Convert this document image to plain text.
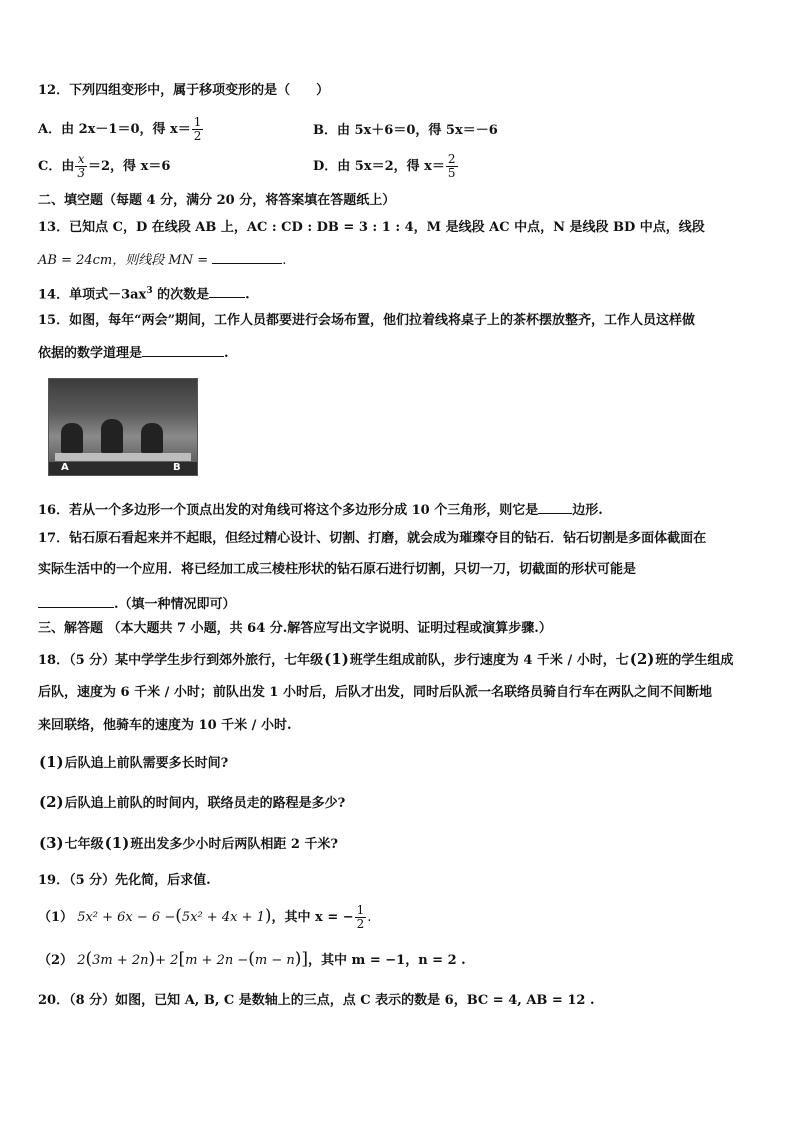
12．下列四组变形中，属于移项变形的是（　　）
A．由 2x－1＝0，得 $x= \frac{1}{2}$	B．由 5x＋6＝0，得 5x＝－6
C．由 $\frac{x}{3} =2$，得 x＝6	D．由 5x＝2，得 $x= \frac{2}{5}$
二、填空题（每题 4 分，满分 20 分，将答案填在答题纸上）
13．已知点 C，D 在线段 AB 上，AC : CD : DB = 3 : 1 : 4，M 是线段 AC 中点，N 是线段 BD 中点，线段
AB = 24cm，则线段 MN =	.
14．单项式$-3ax^3$ 的次数是	.
15．如图，每年“两会”期间，工作人员都要进行会场布置，他们拉着线将桌子上的茶杯摆放整齐，工作人员这样做
依据的数学道理是	.
A	B
16．若从一个多边形一个顶点出发的对角线可将这个多边形分成 10 个三角形，则它是	边形.
17．钻石原石看起来并不起眼，但经过精心设计、切割、打磨，就会成为璀璨夺目的钻石．钻石切割是多面体截面在
实际生活中的一个应用．将已经加工成三棱柱形状的钻石原石进行切割，只切一刀，切截面的形状可能是
.（填一种情况即可）
三、解答题 （本大题共 7 小题，共 64 分.解答应写出文字说明、证明过程或演算步骤.）
18．（5 分）某中学学生步行到郊外旅行，七年级(1)班学生组成前队，步行速度为 4 千米 / 小时，七(2)班的学生组成
后队，速度为 6 千米 / 小时；前队出发 1 小时后，后队才出发，同时后队派一名联络员骑自行车在两队之间不间断地
来回联络，他骑车的速度为 10 千米 / 小时.
(1)后队追上前队需要多长时间?
(2)后队追上前队的时间内，联络员走的路程是多少?
(3)七年级(1)班出发多少小时后两队相距 2 千米?
19．（5 分）先化简，后求值.
（1） 5x² + 6x − 6 −(5x² + 4x + 1)，其中 x = − $\frac{1}{2}$ .
（2） 2(3m + 2n)+ 2[m + 2n −(m − n)]，其中 m = −1，n = 2 .
20．（8 分）如图，已知 A, B, C 是数轴上的三点，点 C 表示的数是 6，BC = 4, AB = 12 .
